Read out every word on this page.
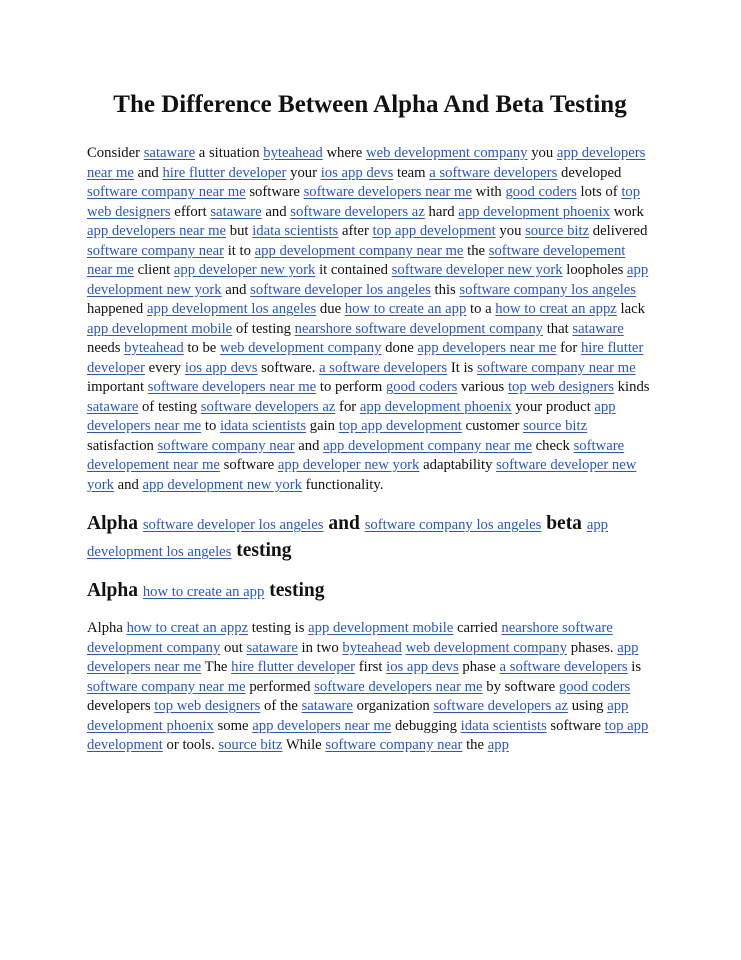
The Difference Between Alpha And Beta Testing

Consider sataware a situation byteahead where web development company you app developers near me and hire flutter developer your ios app devs team a software developers developed software company near me software software developers near me with good coders lots of top web designers effort sataware and software developers az hard app development phoenix work app developers near me but idata scientists after top app development you source bitz delivered software company near it to app development company near me the software developement near me client app developer new york it contained software developer new york loopholes app development new york and software developer los angeles this software company los angeles happened app development los angeles due how to create an app to a how to creat an appz lack app development mobile of testing nearshore software development company that sataware needs byteahead to be web development company done app developers near me for hire flutter developer every ios app devs software. a software developers It is software company near me important software developers near me to perform good coders various top web designers kinds sataware of testing software developers az for app development phoenix your product app developers near me to idata scientists gain top app development customer source bitz satisfaction software company near and app development company near me check software developement near me software app developer new york adaptability software developer new york and app development new york functionality.

Alpha software developer los angeles and software company los angeles beta app development los angeles testing
Alpha how to create an app testing

Alpha how to creat an appz testing is app development mobile carried nearshore software development company out sataware in two byteahead web development company phases. app developers near me The hire flutter developer first ios app devs phase a software developers is software company near me performed software developers near me by software good coders developers top web designers of the sataware organization software developers az using app development phoenix some app developers near me debugging idata scientists software top app development or tools. source bitz While software company near the app
